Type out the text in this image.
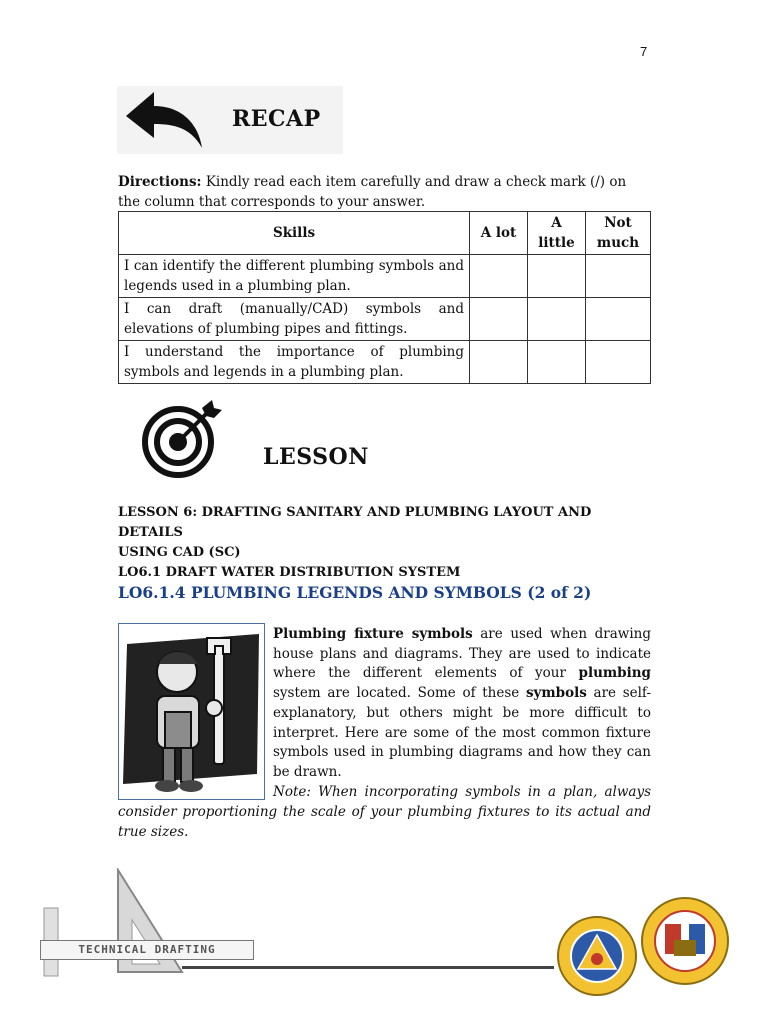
7
RECAP
Directions: Kindly read each item carefully and draw a check mark (/) on the column that corresponds to your answer.
Skills	A lot	A little	Not much
I can identify the different plumbing symbols and legends used in a plumbing plan.			
I can draft (manually/CAD) symbols and elevations of plumbing pipes and fittings.			
I understand the importance of plumbing symbols and legends in a plumbing plan.			
LESSON
LESSON 6: DRAFTING SANITARY AND PLUMBING LAYOUT AND DETAILS
USING CAD (SC)
LO6.1 DRAFT WATER DISTRIBUTION SYSTEM
LO6.1.4 PLUMBING LEGENDS AND SYMBOLS (2 of 2)
Plumbing fixture symbols are used when drawing house plans and diagrams. They are used to indicate where the different elements of your plumbing system are located. Some of these symbols are self-explanatory, but others might be more difficult to interpret. Here are some of the most common fixture symbols used in plumbing diagrams and how they can be drawn.
Note: When incorporating symbols in a plan, always
consider proportioning the scale of your plumbing fixtures to its actual and true sizes.
TECHNICAL DRAFTING
